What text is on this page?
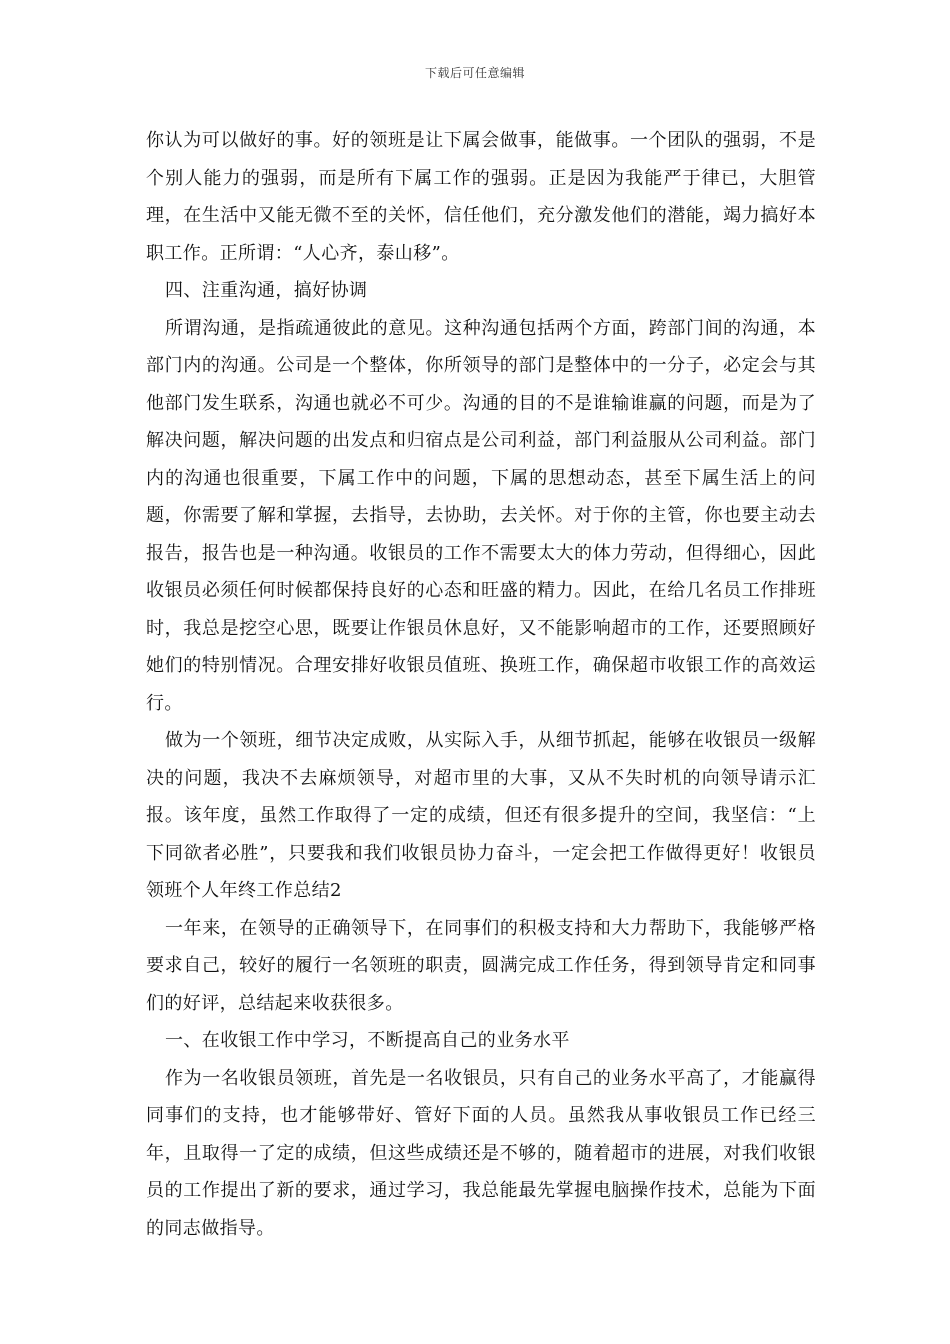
下载后可任意编辑

你认为可以做好的事。好的领班是让下属会做事，能做事。一个团队的强弱，不是个别人能力的强弱，而是所有下属工作的强弱。正是因为我能严于律已，大胆管理，在生活中又能无微不至的关怀，信任他们，充分激发他们的潜能，竭力搞好本职工作。正所谓：“人心齐，泰山移”。

四、注重沟通，搞好协调

所谓沟通，是指疏通彼此的意见。这种沟通包括两个方面，跨部门间的沟通，本部门内的沟通。公司是一个整体，你所领导的部门是整体中的一分子，必定会与其他部门发生联系，沟通也就必不可少。沟通的目的不是谁输谁赢的问题，而是为了解决问题，解决问题的出发点和归宿点是公司利益，部门利益服从公司利益。部门内的沟通也很重要，下属工作中的问题，下属的思想动态，甚至下属生活上的问题，你需要了解和掌握，去指导，去协助，去关怀。对于你的主管，你也要主动去报告，报告也是一种沟通。收银员的工作不需要太大的体力劳动，但得细心，因此收银员必须任何时候都保持良好的心态和旺盛的精力。因此，在给几名员工作排班时，我总是挖空心思，既要让作银员休息好，又不能影响超市的工作，还要照顾好她们的特别情况。合理安排好收银员值班、换班工作，确保超市收银工作的高效运行。

做为一个领班，细节决定成败，从实际入手，从细节抓起，能够在收银员一级解决的问题，我决不去麻烦领导，对超市里的大事，又从不失时机的向领导请示汇报。该年度，虽然工作取得了一定的成绩，但还有很多提升的空间，我坚信：“上下同欲者必胜”，只要我和我们收银员协力奋斗，一定会把工作做得更好！收银员领班个人年终工作总结2

一年来，在领导的正确领导下，在同事们的积极支持和大力帮助下，我能够严格要求自己，较好的履行一名领班的职责，圆满完成工作任务，得到领导肯定和同事们的好评，总结起来收获很多。

一、在收银工作中学习，不断提高自己的业务水平

作为一名收银员领班，首先是一名收银员，只有自己的业务水平高了，才能赢得同事们的支持，也才能够带好、管好下面的人员。虽然我从事收银员工作已经三年，且取得一了定的成绩，但这些成绩还是不够的，随着超市的进展，对我们收银员的工作提出了新的要求，通过学习，我总能最先掌握电脑操作技术，总能为下面的同志做指导。
